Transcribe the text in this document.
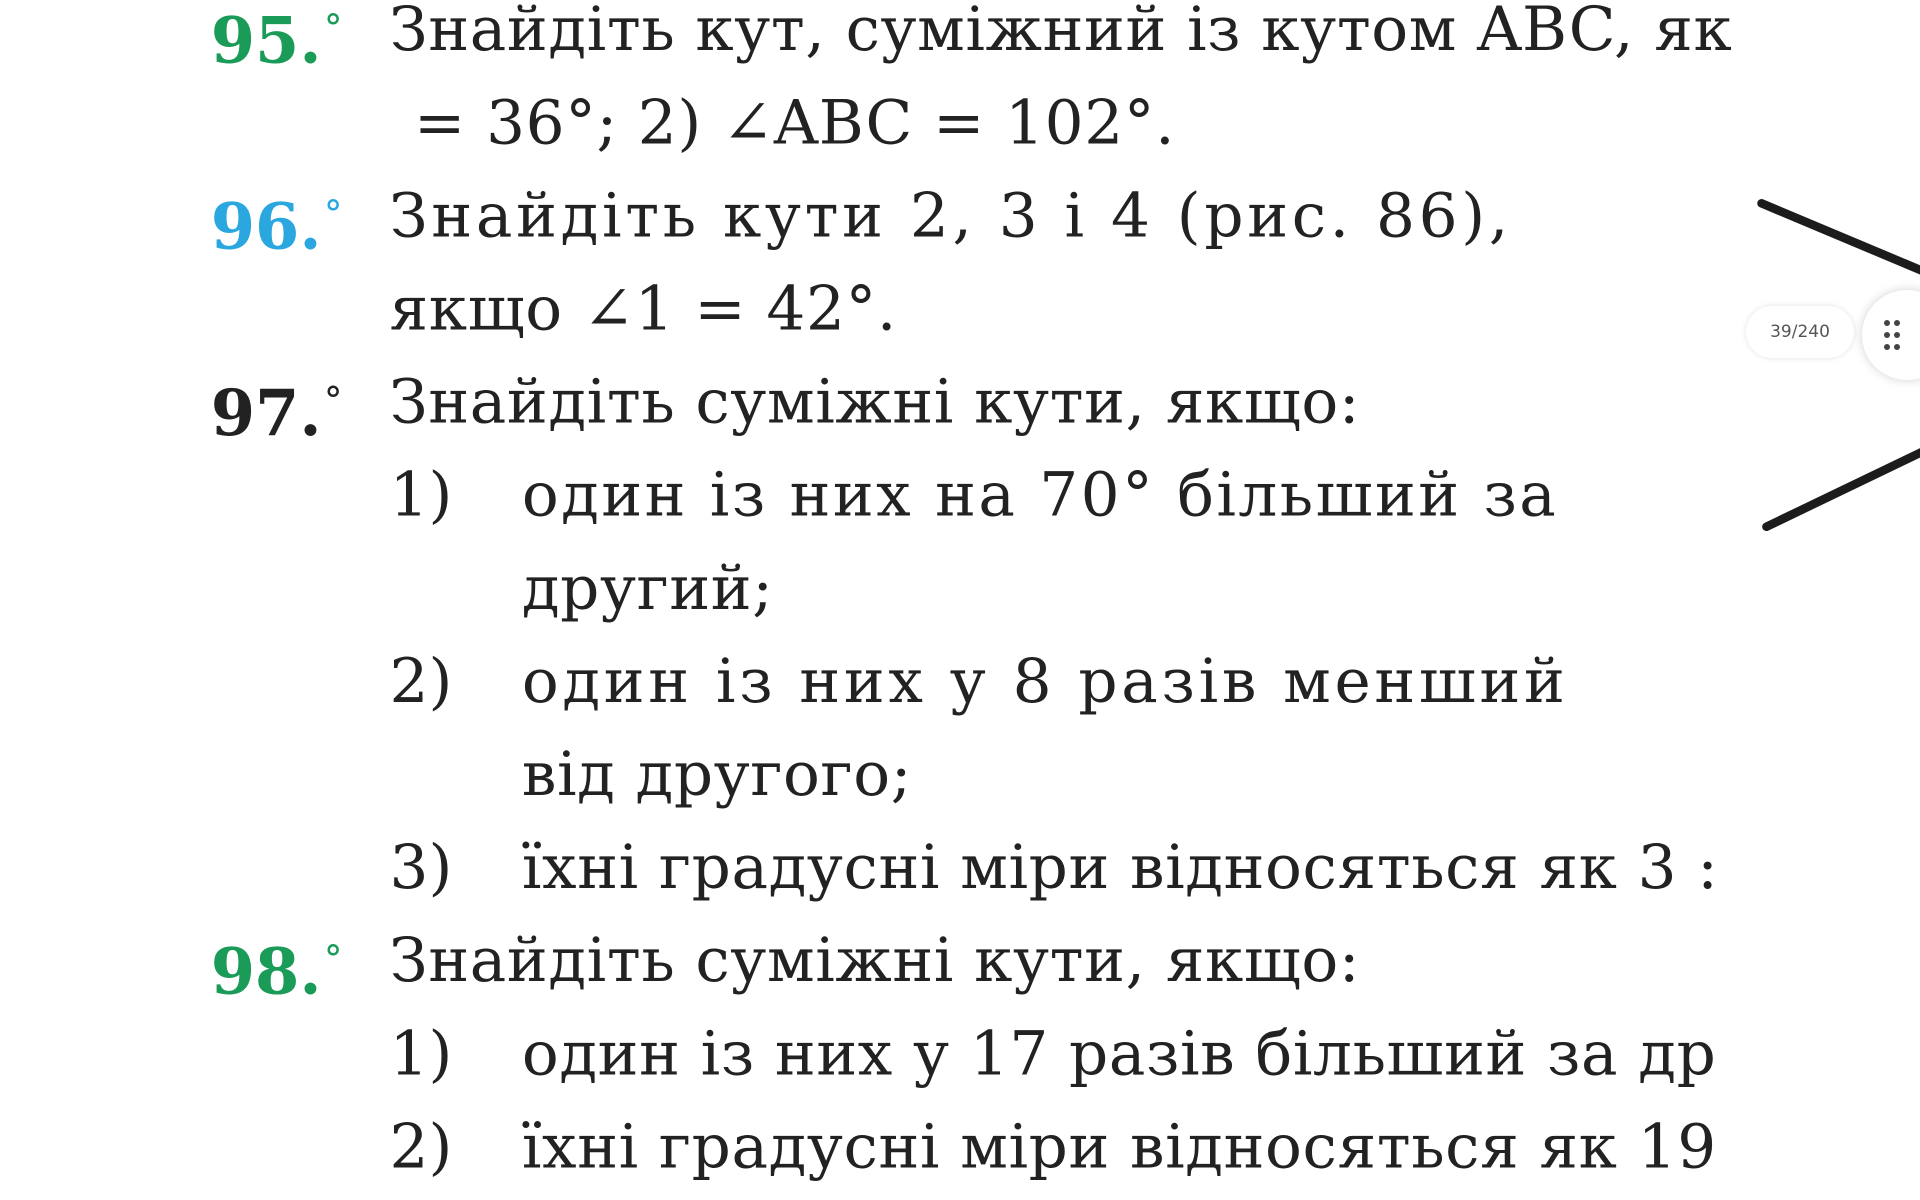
95.° Знайдіть кут, суміжний із кутом ABC, як
= 36°; 2) ∠ABC = 102°.
96.° Знайдіть кути 2, 3 і 4 (рис. 86),
якщо ∠1 = 42°.
97.° Знайдіть суміжні кути, якщо:
1) один із них на 70° більший за
другий;
2) один із них у 8 разів менший
від другого;
3) їхні градусні міри відносяться як 3 :
98.° Знайдіть суміжні кути, якщо:
1) один із них у 17 разів більший за др
2) їхні градусні міри відносяться як 19
39/240
